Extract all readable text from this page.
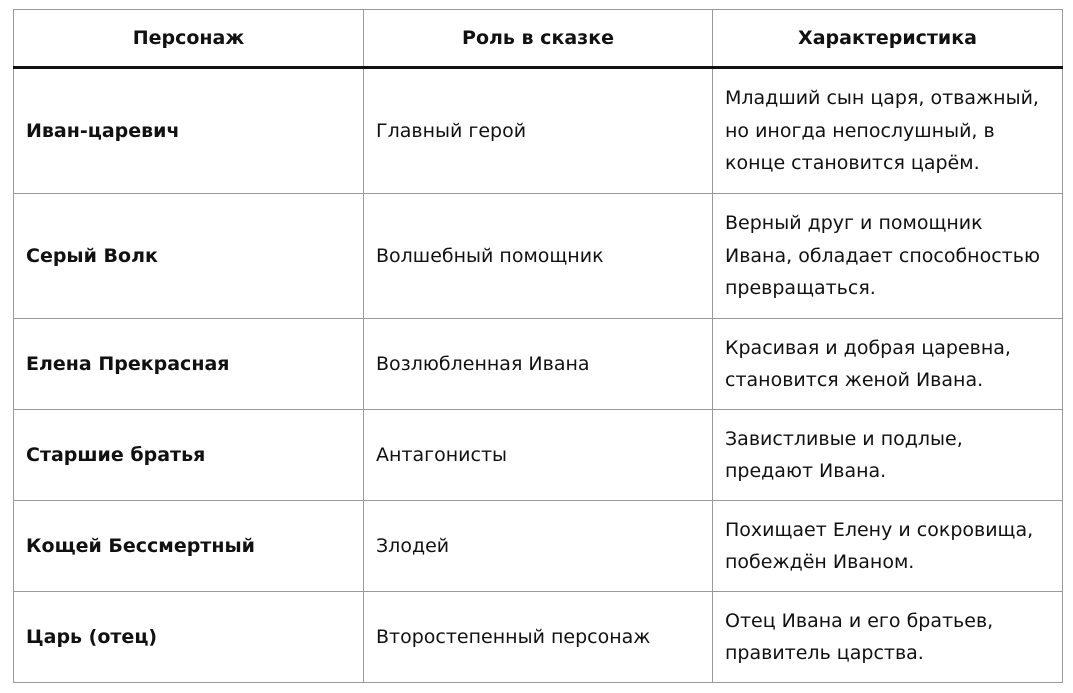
Персонаж	Роль в сказке	Характеристика
Иван-царевич	Главный герой	Младший сын царя, отважный, но иногда непослушный, в конце становится царём.
Серый Волк	Волшебный помощник	Верный друг и помощник Ивана, обладает способностью превращаться.
Елена Прекрасная	Возлюбленная Ивана	Красивая и добрая царевна, становится женой Ивана.
Старшие братья	Антагонисты	Завистливые и подлые, предают Ивана.
Кощей Бессмертный	Злодей	Похищает Елену и сокровища, побеждён Иваном.
Царь (отец)	Второстепенный персонаж	Отец Ивана и его братьев, правитель царства.
